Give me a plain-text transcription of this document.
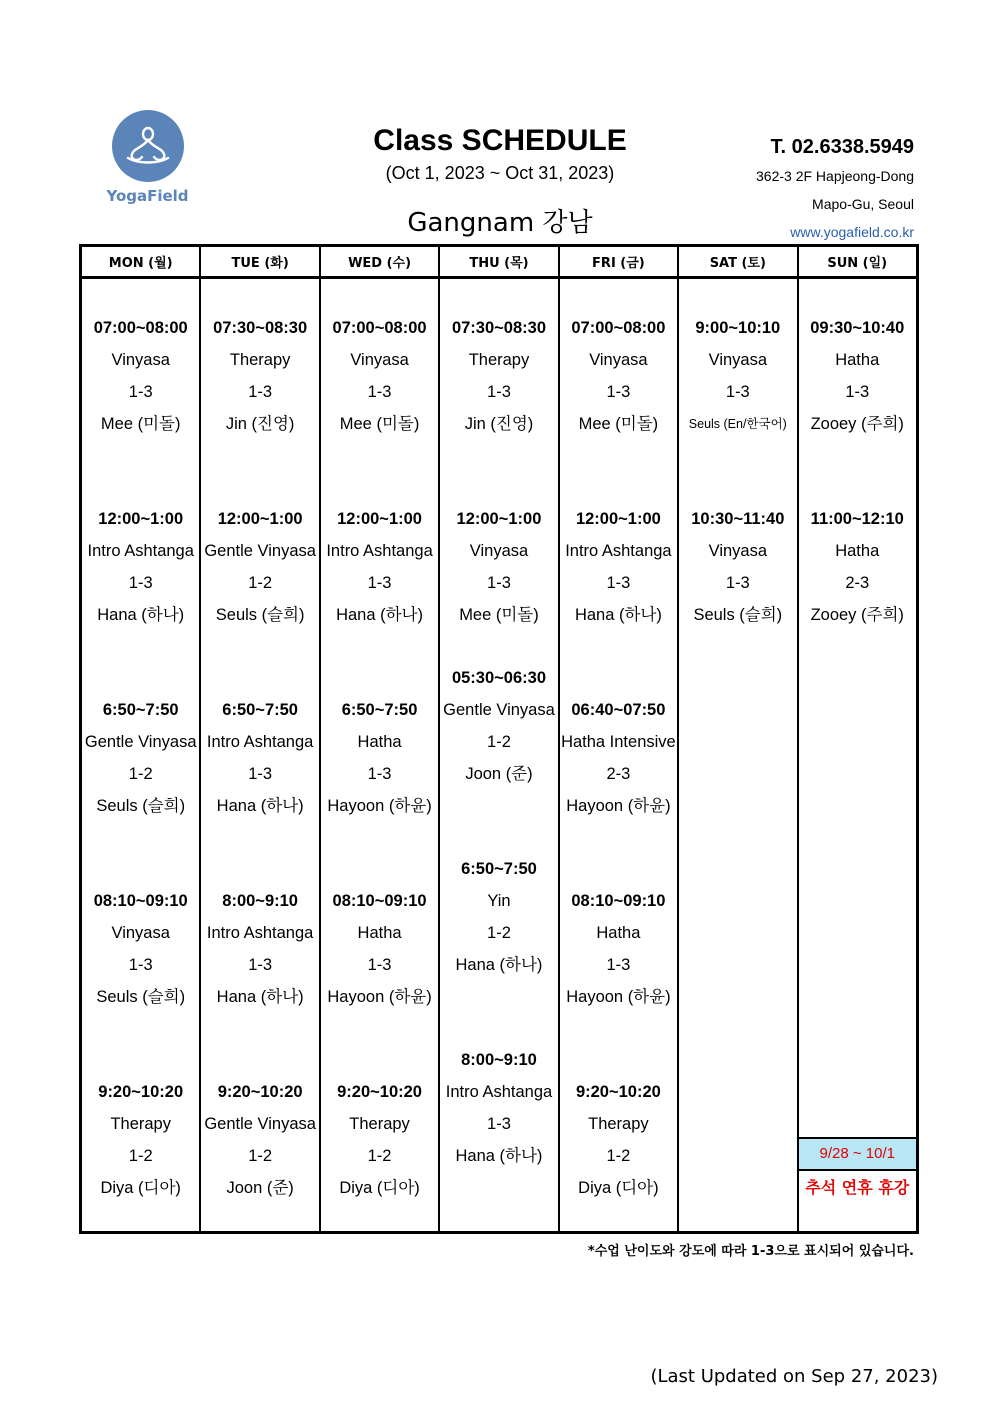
YogaField
Class SCHEDULE
(Oct 1, 2023 ~ Oct 31, 2023)
Gangnam 강남
T. 02.6338.5949
362-3 2F Hapjeong-Dong
Mapo-Gu, Seoul
www.yogafield.co.kr
MON (월)
07:00~08:00
Vinyasa
1-3
Mee (미돌)
12:00~1:00
Intro Ashtanga
1-3
Hana (하나)
6:50~7:50
Gentle Vinyasa
1-2
Seuls (슬희)
08:10~09:10
Vinyasa
1-3
Seuls (슬희)
9:20~10:20
Therapy
1-2
Diya (디아)
TUE (화)
07:30~08:30
Therapy
1-3
Jin (진영)
12:00~1:00
Gentle Vinyasa
1-2
Seuls (슬희)
6:50~7:50
Intro Ashtanga
1-3
Hana (하나)
8:00~9:10
Intro Ashtanga
1-3
Hana (하나)
9:20~10:20
Gentle Vinyasa
1-2
Joon (준)
WED (수)
07:00~08:00
Vinyasa
1-3
Mee (미돌)
12:00~1:00
Intro Ashtanga
1-3
Hana (하나)
6:50~7:50
Hatha
1-3
Hayoon (하윤)
08:10~09:10
Hatha
1-3
Hayoon (하윤)
9:20~10:20
Therapy
1-2
Diya (디아)
THU (목)
07:30~08:30
Therapy
1-3
Jin (진영)
12:00~1:00
Vinyasa
1-3
Mee (미돌)
05:30~06:30
Gentle Vinyasa
1-2
Joon (준)
6:50~7:50
Yin
1-2
Hana (하나)
8:00~9:10
Intro Ashtanga
1-3
Hana (하나)
FRI (금)
07:00~08:00
Vinyasa
1-3
Mee (미돌)
12:00~1:00
Intro Ashtanga
1-3
Hana (하나)
06:40~07:50
Hatha Intensive
2-3
Hayoon (하윤)
08:10~09:10
Hatha
1-3
Hayoon (하윤)
9:20~10:20
Therapy
1-2
Diya (디아)
SAT (토)
9:00~10:10
Vinyasa
1-3
Seuls (En/한국어)
10:30~11:40
Vinyasa
1-3
Seuls (슬희)
SUN (일)
09:30~10:40
Hatha
1-3
Zooey (주희)
11:00~12:10
Hatha
2-3
Zooey (주희)
9/28 ~ 10/1
추석 연휴 휴강
*수업 난이도와 강도에 따라 1-3으로 표시되어 있습니다.
(Last Updated on Sep 27, 2023)
